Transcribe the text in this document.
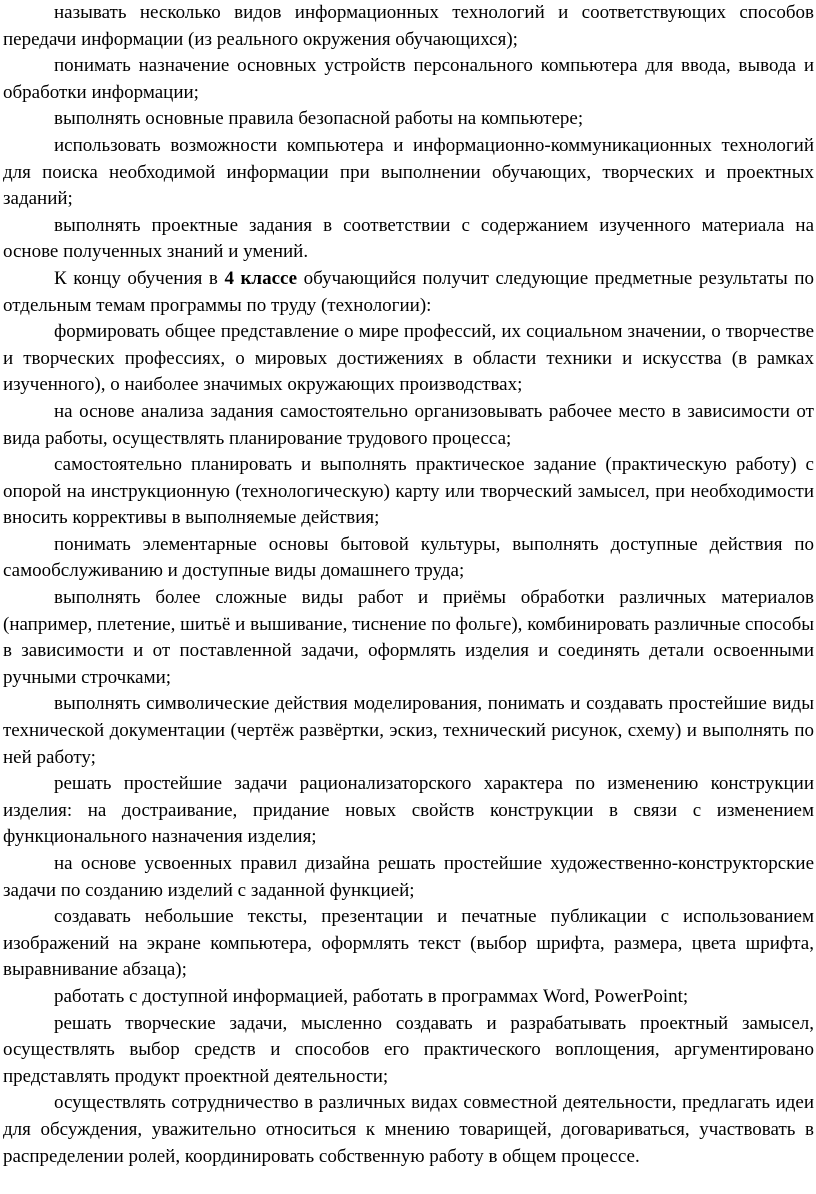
называть несколько видов информационных технологий и соответствующих способов передачи информации (из реального окружения обучающихся);

понимать назначение основных устройств персонального компьютера для ввода, вывода и обработки информации;

выполнять основные правила безопасной работы на компьютере;

использовать возможности компьютера и информационно-коммуникационных технологий для поиска необходимой информации при выполнении обучающих, творческих и проектных заданий;

выполнять проектные задания в соответствии с содержанием изученного материала на основе полученных знаний и умений.

К концу обучения в 4 классе обучающийся получит следующие предметные результаты по отдельным темам программы по труду (технологии):

формировать общее представление о мире профессий, их социальном значении, о творчестве и творческих профессиях, о мировых достижениях в области техники и искусства (в рамках изученного), о наиболее значимых окружающих производствах;

на основе анализа задания самостоятельно организовывать рабочее место в зависимости от вида работы, осуществлять планирование трудового процесса;

самостоятельно планировать и выполнять практическое задание (практическую работу) с опорой на инструкционную (технологическую) карту или творческий замысел, при необходимости вносить коррективы в выполняемые действия;

понимать элементарные основы бытовой культуры, выполнять доступные действия по самообслуживанию и доступные виды домашнего труда;

выполнять более сложные виды работ и приёмы обработки различных материалов (например, плетение, шитьё и вышивание, тиснение по фольге), комбинировать различные способы в зависимости и от поставленной задачи, оформлять изделия и соединять детали освоенными ручными строчками;

выполнять символические действия моделирования, понимать и создавать простейшие виды технической документации (чертёж развёртки, эскиз, технический рисунок, схему) и выполнять по ней работу;

решать простейшие задачи рационализаторского характера по изменению конструкции изделия: на достраивание, придание новых свойств конструкции в связи с изменением функционального назначения изделия;

на основе усвоенных правил дизайна решать простейшие художественно-конструкторские задачи по созданию изделий с заданной функцией;

создавать небольшие тексты, презентации и печатные публикации с использованием изображений на экране компьютера, оформлять текст (выбор шрифта, размера, цвета шрифта, выравнивание абзаца);

работать с доступной информацией, работать в программах Word, PowerPoint;

решать творческие задачи, мысленно создавать и разрабатывать проектный замысел, осуществлять выбор средств и способов его практического воплощения, аргументировано представлять продукт проектной деятельности;

осуществлять сотрудничество в различных видах совместной деятельности, предлагать идеи для обсуждения, уважительно относиться к мнению товарищей, договариваться, участвовать в распределении ролей, координировать собственную работу в общем процессе.
